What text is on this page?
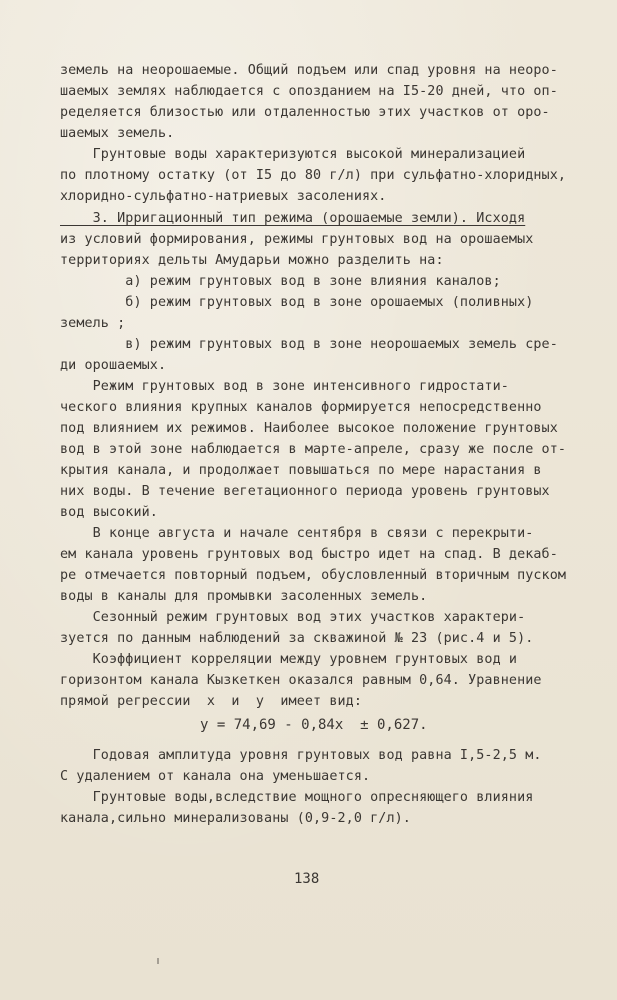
земель на неорошаемые. Общий подъем или спад уровня на неоро-
шаемых землях наблюдается с опозданием на I5-20 дней, что оп-
ределяется близостью или отдаленностью этих участков от оро-
шаемых земель.
Грунтовые воды характеризуются высокой минерализацией
по плотному остатку (от I5 до 80 г/л) при сульфатно-хлоридных,
хлоридно-сульфатно-натриевых засолениях.
3. Ирригационный тип режима (орошаемые земли). Исходя
из условий формирования, режимы грунтовых вод на орошаемых
территориях дельты Амударьи можно разделить на:
а) режим грунтовых вод в зоне влияния каналов;
б) режим грунтовых вод в зоне орошаемых (поливных)
земель ;
в) режим грунтовых вод в зоне неорошаемых земель сре-
ди орошаемых.
Режим грунтовых вод в зоне интенсивного гидростати-
ческого влияния крупных каналов формируется непосредственно
под влиянием их режимов. Наиболее высокое положение грунтовых
вод в этой зоне наблюдается в марте-апреле, сразу же после от-
крытия канала, и продолжает повышаться по мере нарастания в
них воды. В течение вегетационного периода уровень грунтовых
вод высокий.
В конце августа и начале сентября в связи с перекрыти-
ем канала уровень грунтовых вод быстро идет на спад. В декаб-
ре отмечается повторный подъем, обусловленный вторичным пуском
воды в каналы для промывки засоленных земель.
Сезонный режим грунтовых вод этих участков характери-
зуется по данным наблюдений за скважиной № 23 (рис.4 и 5).
Коэффициент корреляции между уровнем грунтовых вод и
горизонтом канала Кызкеткен оказался равным 0,64. Уравнение
прямой регрессии  x  и  y  имеет вид:
y = 74,69 - 0,84x  ± 0,627.
Годовая амплитуда уровня грунтовых вод равна I,5-2,5 м.
С удалением от канала она уменьшается.
Грунтовые воды,вследствие мощного опресняющего влияния
канала,сильно минерализованы (0,9-2,0 г/л).
138
